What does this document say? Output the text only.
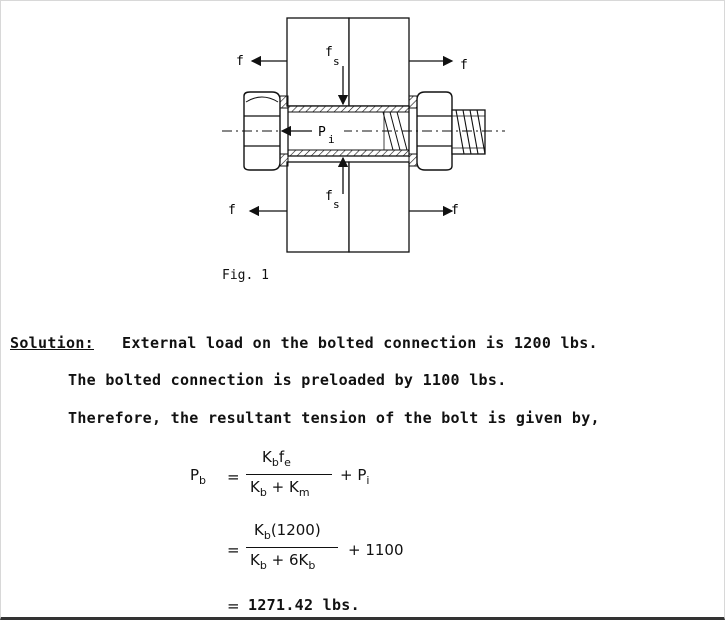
f	f
f	f
f
s
f
s
P i
Fig. 1
Solution: External load on the bolted connection is 1200 lbs.
The bolted connection is preloaded by 1100 lbs.
Therefore, the resultant tension of the bolt is given by,
$P_b$ =
$K_bf_e$
$K_b + K_m$
+ $P_i$
=
$K_b(1200)$
$K_b + 6K_b$
+ 1100
= 1271.42 lbs.
